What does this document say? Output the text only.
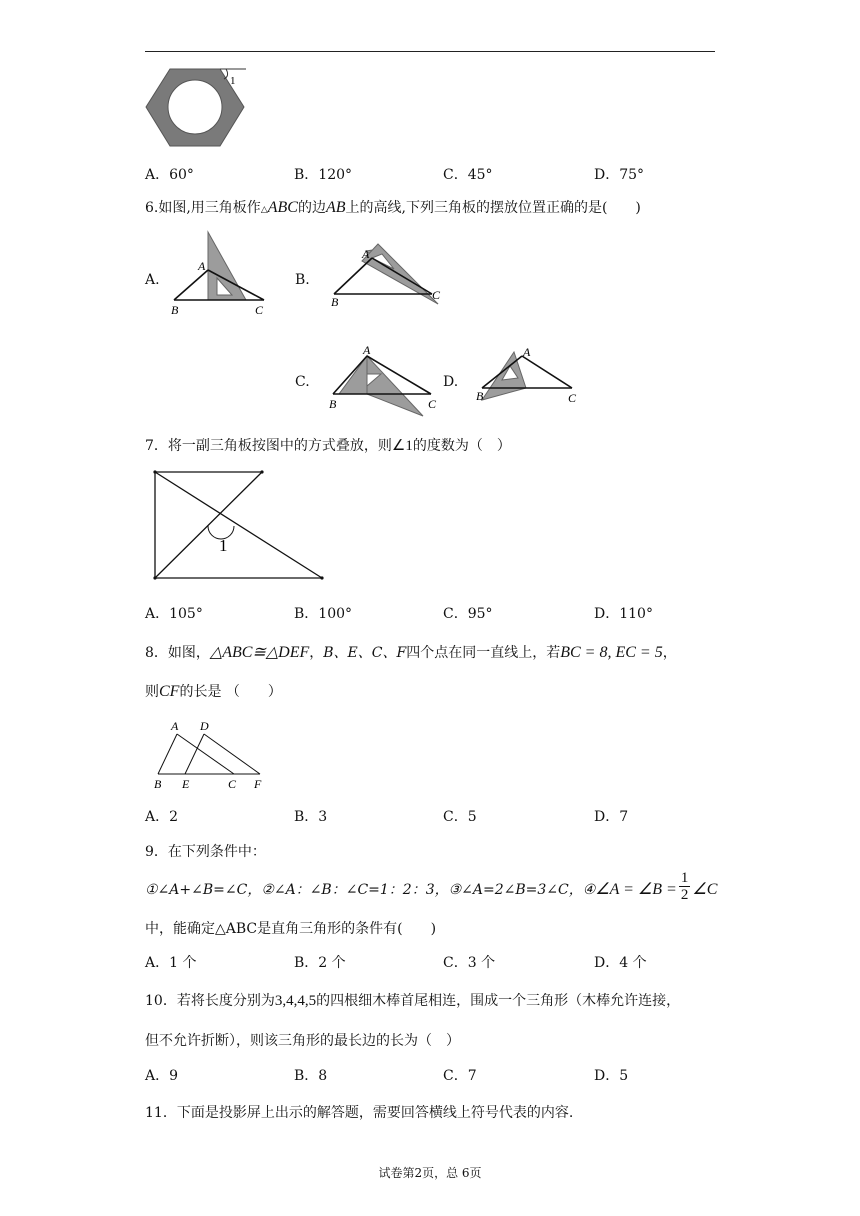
1
A．60°	B．120°	C．45°	D．75°
6.如图,用三角板作△ABC的边AB上的高线,下列三角板的摆放位置正确的是(　　)
A.
A
B	C
B.
A
B	C
C.
A
B	C
D.
A
B	C
7．将一副三角板按图中的方式叠放，则∠1的度数为（　）
1
A．105°	B．100°	C．95°	D．110°
8．如图，△ABC≅△DEF，B、E、C、F四个点在同一直线上，若BC = 8, EC = 5，
则CF的长是 （　　）
A D
B E	C F
A．2	B．3	C．5	D．7
9．在下列条件中：
①∠A+∠B=∠C，②∠A：∠B：∠C=1：2：3，③∠A=2∠B=3∠C，④∠A = ∠B = $\frac{1}{2}$ ∠C
中，能确定△ABC是直角三角形的条件有(　　)
A．1 个	B．2 个	C．3 个	D．4 个
10．若将长度分别为3,4,4,5的四根细木棒首尾相连，围成一个三角形（木棒允许连接，
但不允许折断），则该三角形的最长边的长为（　）
A．9	B．8	C．7	D．5
11．下面是投影屏上出示的解答题，需要回答横线上符号代表的内容.
试卷第2页，总 6页
